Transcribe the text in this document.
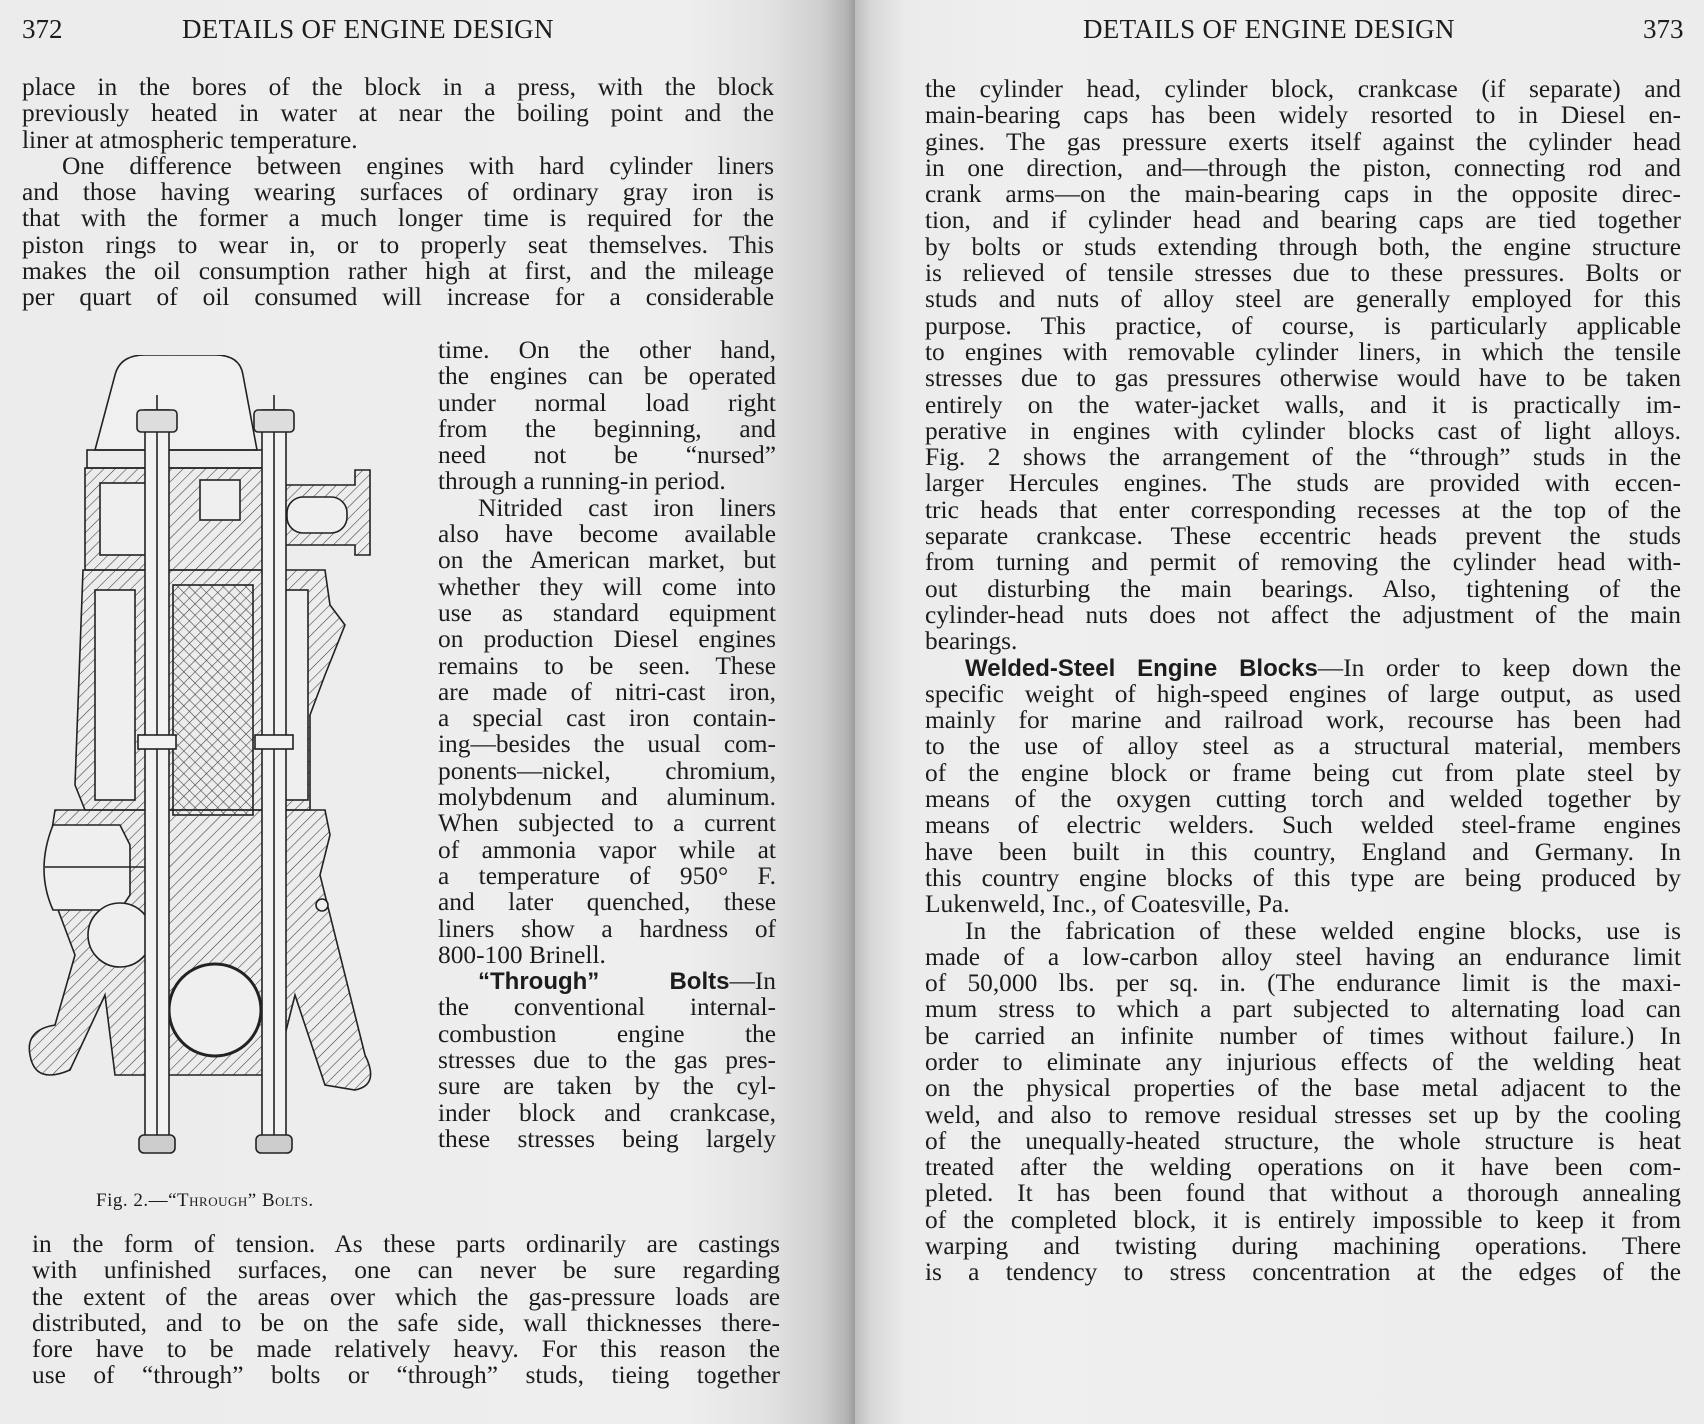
372	DETAILS OF ENGINE DESIGN
place in the bores of the block in a press, with the block
previously heated in water at near the boiling point and the
liner at atmospheric temperature.
One difference between engines with hard cylinder liners
and those having wearing surfaces of ordinary gray iron is
that with the former a much longer time is required for the
piston rings to wear in, or to properly seat themselves. This
makes the oil consumption rather high at first, and the mileage
per quart of oil consumed will increase for a considerable
time. On the other hand,
the engines can be operated
under normal load right
from the beginning, and
need not be “nursed”
through a running-in period.
Nitrided cast iron liners
also have become available
on the American market, but
whether they will come into
use as standard equipment
on production Diesel engines
remains to be seen. These
are made of nitri-cast iron,
a special cast iron contain-
ing—besides the usual com-
ponents—nickel, chromium,
molybdenum and aluminum.
When subjected to a current
of ammonia vapor while at
a temperature of 950° F.
and later quenched, these
liners show a hardness of
800-100 Brinell.
“Through” Bolts—In
the conventional internal-
combustion engine the
stresses due to the gas pres-
sure are taken by the cyl-
inder block and crankcase,
these stresses being largely
Fig. 2.—“Through” Bolts.
in the form of tension. As these parts ordinarily are castings
with unfinished surfaces, one can never be sure regarding
the extent of the areas over which the gas-pressure loads are
distributed, and to be on the safe side, wall thicknesses there-
fore have to be made relatively heavy. For this reason the
use of “through” bolts or “through” studs, tieing together
DETAILS OF ENGINE DESIGN	373
the cylinder head, cylinder block, crankcase (if separate) and
main-bearing caps has been widely resorted to in Diesel en-
gines. The gas pressure exerts itself against the cylinder head
in one direction, and—through the piston, connecting rod and
crank arms—on the main-bearing caps in the opposite direc-
tion, and if cylinder head and bearing caps are tied together
by bolts or studs extending through both, the engine structure
is relieved of tensile stresses due to these pressures. Bolts or
studs and nuts of alloy steel are generally employed for this
purpose. This practice, of course, is particularly applicable
to engines with removable cylinder liners, in which the tensile
stresses due to gas pressures otherwise would have to be taken
entirely on the water-jacket walls, and it is practically im-
perative in engines with cylinder blocks cast of light alloys.
Fig. 2 shows the arrangement of the “through” studs in the
larger Hercules engines. The studs are provided with eccen-
tric heads that enter corresponding recesses at the top of the
separate crankcase. These eccentric heads prevent the studs
from turning and permit of removing the cylinder head with-
out disturbing the main bearings. Also, tightening of the
cylinder-head nuts does not affect the adjustment of the main
bearings.
Welded-Steel Engine Blocks—In order to keep down the
specific weight of high-speed engines of large output, as used
mainly for marine and railroad work, recourse has been had
to the use of alloy steel as a structural material, members
of the engine block or frame being cut from plate steel by
means of the oxygen cutting torch and welded together by
means of electric welders. Such welded steel-frame engines
have been built in this country, England and Germany. In
this country engine blocks of this type are being produced by
Lukenweld, Inc., of Coatesville, Pa.
In the fabrication of these welded engine blocks, use is
made of a low-carbon alloy steel having an endurance limit
of 50,000 lbs. per sq. in. (The endurance limit is the maxi-
mum stress to which a part subjected to alternating load can
be carried an infinite number of times without failure.) In
order to eliminate any injurious effects of the welding heat
on the physical properties of the base metal adjacent to the
weld, and also to remove residual stresses set up by the cooling
of the unequally-heated structure, the whole structure is heat
treated after the welding operations on it have been com-
pleted. It has been found that without a thorough annealing
of the completed block, it is entirely impossible to keep it from
warping and twisting during machining operations. There
is a tendency to stress concentration at the edges of the
